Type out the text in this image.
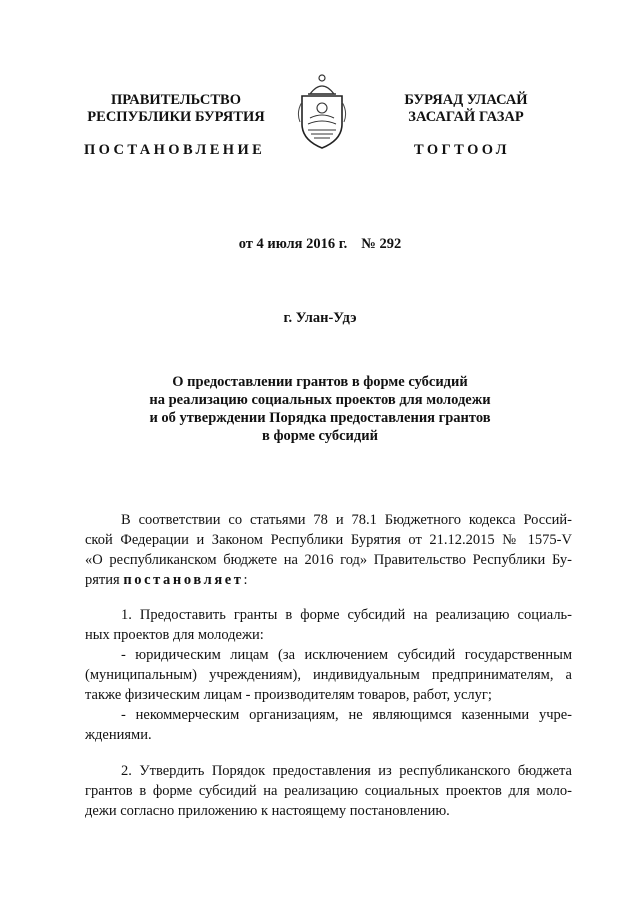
ПРАВИТЕЛЬСТВО
РЕСПУБЛИКИ БУРЯТИЯ
БУРЯАД УЛАСАЙ
ЗАСАГАЙ ГАЗАР
ПОСТАНОВЛЕНИЕ	ТОГТООЛ
от 4 июля 2016 г. № 292
г. Улан-Удэ
О предоставлении грантов в форме субсидий
на реализацию социальных проектов для молодежи
и об утверждении Порядка предоставления грантов
в форме субсидий
В соответствии со статьями 78 и 78.1 Бюджетного кодекса Россий-
ской Федерации и Законом Республики Бурятия от 21.12.2015 № 1575-V
«О республиканском бюджете на 2016 год» Правительство Республики Бу-
рятия постановляет:
1. Предоставить гранты в форме субсидий на реализацию социаль-
ных проектов для молодежи:
- юридическим лицам (за исключением субсидий государственным
(муниципальным) учреждениям), индивидуальным предпринимателям, а
также физическим лицам - производителям товаров, работ, услуг;
- некоммерческим организациям, не являющимся казенными учре-
ждениями.
2. Утвердить Порядок предоставления из республиканского бюджета
грантов в форме субсидий на реализацию социальных проектов для моло-
дежи согласно приложению к настоящему постановлению.
